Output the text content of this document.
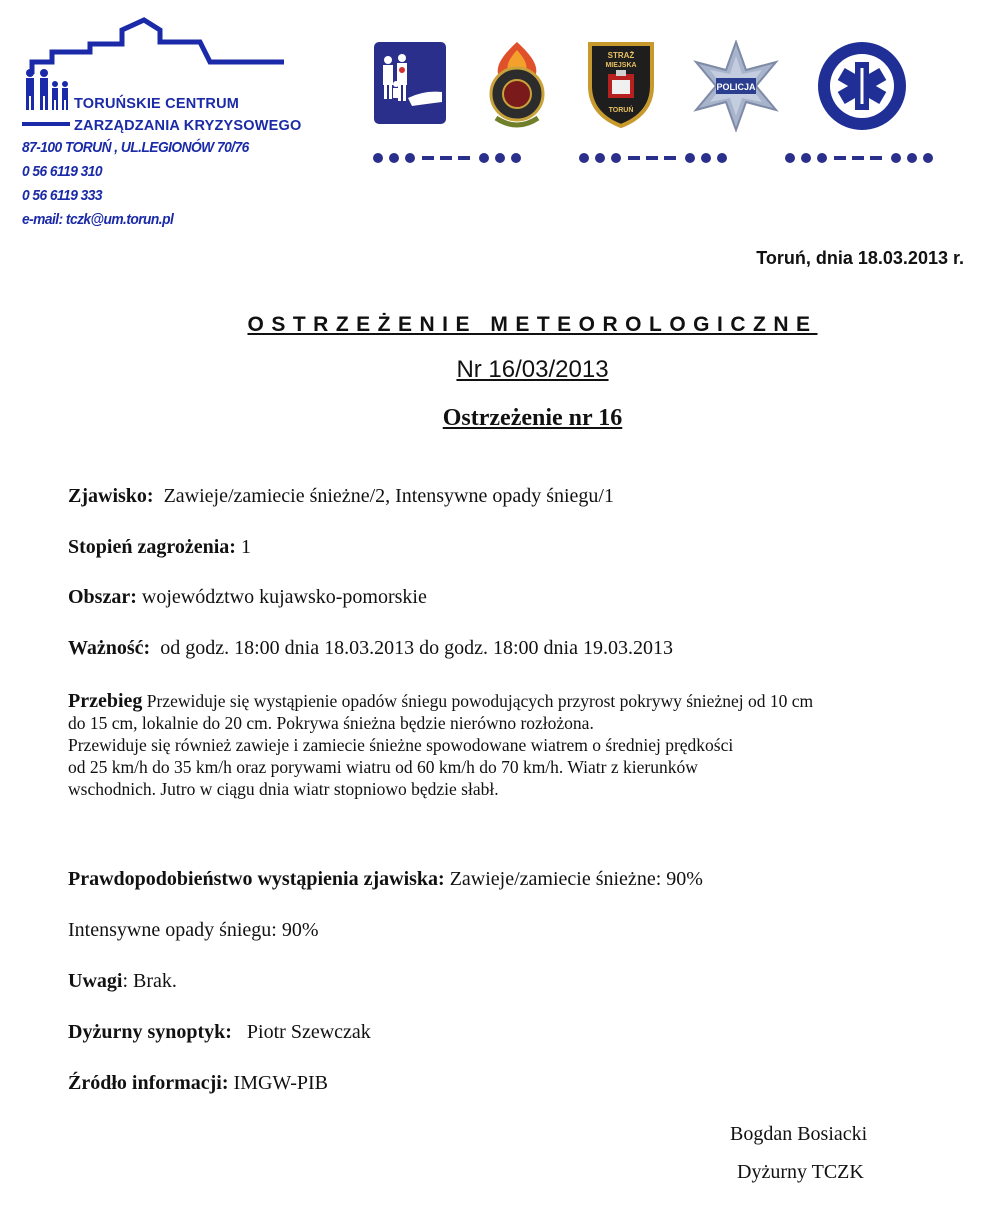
TORUŃSKIE CENTRUM
ZARZĄDZANIA KRYZYSOWEGO
87-100 TORUŃ , UL.LEGIONÓW 70/76
0 56 6119 310
0 56 6119 333
e-mail: tczk@um.torun.pl
STRAŻ
MIEJSKA
TORUŃ
POLICJA
Toruń, dnia 18.03.2013 r.
OSTRZEŻENIE METEOROLOGICZNE
Nr 16/03/2013
Ostrzeżenie nr 16
Zjawisko: Zawieje/zamiecie śnieżne/2, Intensywne opady śniegu/1
Stopień zagrożenia: 1
Obszar: województwo kujawsko-pomorskie
Ważność: od godz. 18:00 dnia 18.03.2013 do godz. 18:00 dnia 19.03.2013
Przebieg Przewiduje się wystąpienie opadów śniegu powodujących przyrost pokrywy śnieżnej od 10 cm
do 15 cm, lokalnie do 20 cm. Pokrywa śnieżna będzie nierówno rozłożona.
Przewiduje się również zawieje i zamiecie śnieżne spowodowane wiatrem o średniej prędkości
od 25 km/h do 35 km/h oraz porywami wiatru od 60 km/h do 70 km/h. Wiatr z kierunków
wschodnich. Jutro w ciągu dnia wiatr stopniowo będzie słabł.
Prawdopodobieństwo wystąpienia zjawiska: Zawieje/zamiecie śnieżne: 90%
Intensywne opady śniegu: 90%
Uwagi: Brak.
Dyżurny synoptyk: Piotr Szewczak
Źródło informacji: IMGW-PIB
Bogdan Bosiacki
Dyżurny TCZK
